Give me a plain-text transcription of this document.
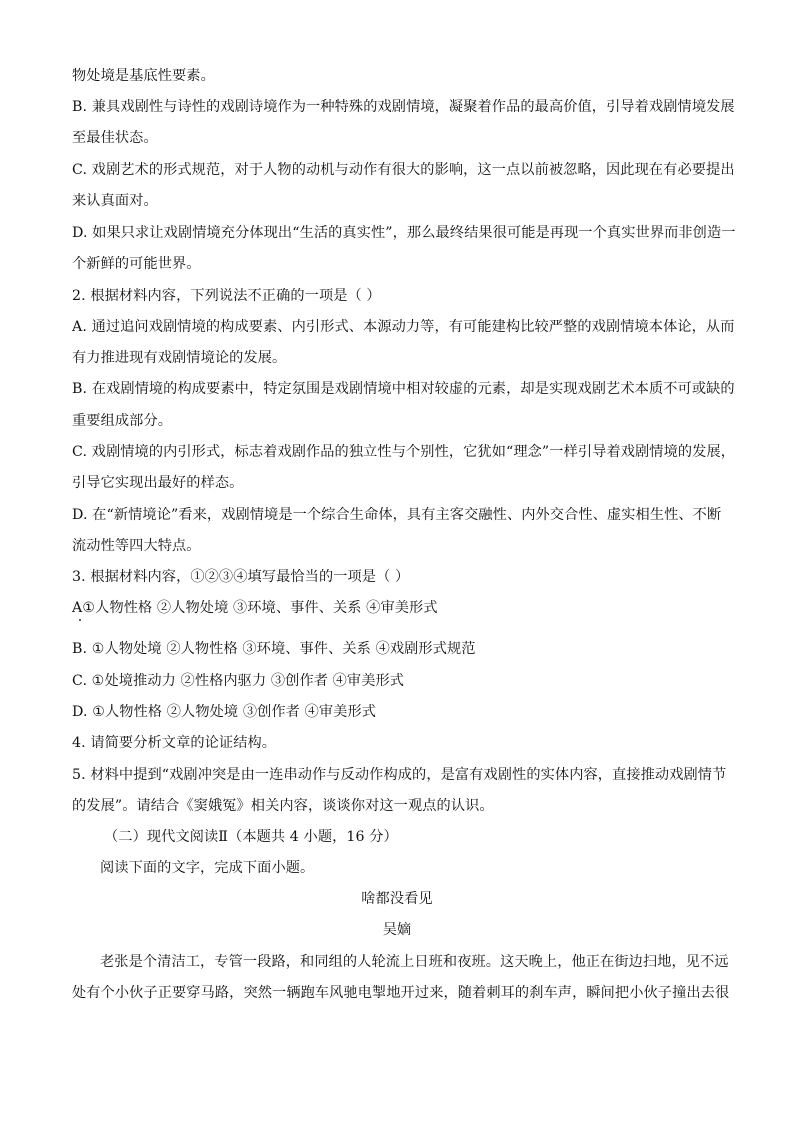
物处境是基底性要素。
B. 兼具戏剧性与诗性的戏剧诗境作为一种特殊的戏剧情境，凝聚着作品的最高价值，引导着戏剧情境发展
至最佳状态。
C. 戏剧艺术的形式规范，对于人物的动机与动作有很大的影响，这一点以前被忽略，因此现在有必要提出
来认真面对。
D. 如果只求让戏剧情境充分体现出“生活的真实性”，那么最终结果很可能是再现一个真实世界而非创造一
个新鲜的可能世界。
2. 根据材料内容，下列说法不正确的一项是（ ）
A. 通过追问戏剧情境的构成要素、内引形式、本源动力等，有可能建构比较严整的戏剧情境本体论，从而
有力推进现有戏剧情境论的发展。
B. 在戏剧情境的构成要素中，特定氛围是戏剧情境中相对较虚的元素，却是实现戏剧艺术本质不可或缺的
重要组成部分。
C. 戏剧情境的内引形式，标志着戏剧作品的独立性与个别性，它犹如“理念”一样引导着戏剧情境的发展，
引导它实现出最好的样态。
D. 在“新情境论”看来，戏剧情境是一个综合生命体，具有主客交融性、内外交合性、虚实相生性、不断
流动性等四大特点。
3. 根据材料内容，①②③④填写最恰当的一项是（ ）
A①人物性格 ②人物处境 ③环境、事件、关系 ④审美形式
B. ①人物处境 ②人物性格 ③环境、事件、关系 ④戏剧形式规范
C. ①处境推动力 ②性格内驱力 ③创作者 ④审美形式
D. ①人物性格 ②人物处境 ③创作者 ④审美形式
4. 请简要分析文章的论证结构。
5. 材料中提到“戏剧冲突是由一连串动作与反动作构成的，是富有戏剧性的实体内容，直接推动戏剧情节
的发展”。请结合《窦娥冤》相关内容，谈谈你对这一观点的认识。
（二）现代文阅读Ⅱ（本题共 4 小题，16 分）
阅读下面的文字，完成下面小题。
啥都没看见
吴嫡
老张是个清洁工，专管一段路，和同组的人轮流上日班和夜班。这天晚上，他正在街边扫地，见不远
处有个小伙子正要穿马路，突然一辆跑车风驰电掣地开过来，随着刺耳的刹车声，瞬间把小伙子撞出去很
